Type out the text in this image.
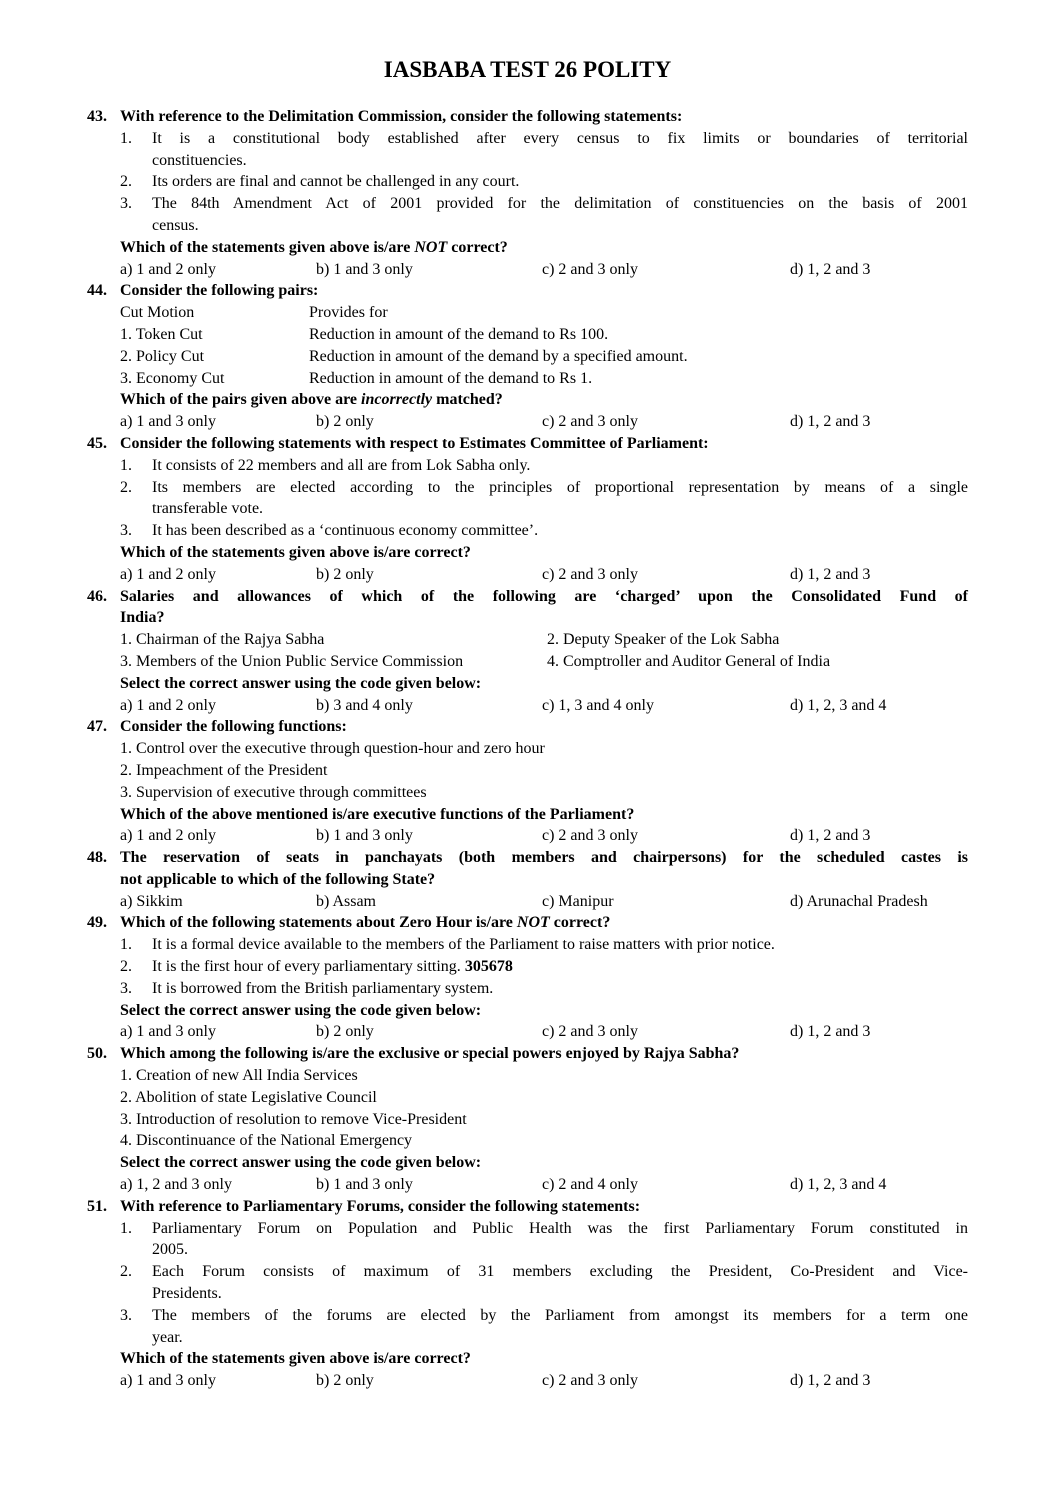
IASBABA TEST 26 POLITY
43. With reference to the Delimitation Commission, consider the following statements:
1.	It is a constitutional body established after every census to fix limits or boundaries of territorial
constituencies.
2.	Its orders are final and cannot be challenged in any court.
3.	The 84th Amendment Act of 2001 provided for the delimitation of constituencies on the basis of 2001
census.
Which of the statements given above is/are NOT correct?
a) 1 and 2 only	b) 1 and 3 only	c) 2 and 3 only	d) 1, 2 and 3
44. Consider the following pairs:
Cut Motion	Provides for
1. Token Cut	Reduction in amount of the demand to Rs 100.
2. Policy Cut	Reduction in amount of the demand by a specified amount.
3. Economy Cut	Reduction in amount of the demand to Rs 1.
Which of the pairs given above are incorrectly matched?
a) 1 and 3 only	b) 2 only	c) 2 and 3 only	d) 1, 2 and 3
45. Consider the following statements with respect to Estimates Committee of Parliament:
1.	It consists of 22 members and all are from Lok Sabha only.
2.	Its members are elected according to the principles of proportional representation by means of a single
transferable vote.
3.	It has been described as a ‘continuous economy committee’.
Which of the statements given above is/are correct?
a) 1 and 2 only	b) 2 only	c) 2 and 3 only	d) 1, 2 and 3
46. Salaries and allowances of which of the following are ‘charged’ upon the Consolidated Fund of
India?
1. Chairman of the Rajya Sabha	2. Deputy Speaker of the Lok Sabha
3. Members of the Union Public Service Commission	4. Comptroller and Auditor General of India
Select the correct answer using the code given below:
a) 1 and 2 only	b) 3 and 4 only	c) 1, 3 and 4 only	d) 1, 2, 3 and 4
47. Consider the following functions:
1. Control over the executive through question-hour and zero hour
2. Impeachment of the President
3. Supervision of executive through committees
Which of the above mentioned is/are executive functions of the Parliament?
a) 1 and 2 only	b) 1 and 3 only	c) 2 and 3 only	d) 1, 2 and 3
48. The reservation of seats in panchayats (both members and chairpersons) for the scheduled castes is
not applicable to which of the following State?
a) Sikkim	b) Assam	c) Manipur	d) Arunachal Pradesh
49. Which of the following statements about Zero Hour is/are NOT correct?
1.	It is a formal device available to the members of the Parliament to raise matters with prior notice.
2.	It is the first hour of every parliamentary sitting. 305678
3.	It is borrowed from the British parliamentary system.
Select the correct answer using the code given below:
a) 1 and 3 only	b) 2 only	c) 2 and 3 only	d) 1, 2 and 3
50. Which among the following is/are the exclusive or special powers enjoyed by Rajya Sabha?
1. Creation of new All India Services
2. Abolition of state Legislative Council
3. Introduction of resolution to remove Vice-President
4. Discontinuance of the National Emergency
Select the correct answer using the code given below:
a) 1, 2 and 3 only	b) 1 and 3 only	c) 2 and 4 only	d) 1, 2, 3 and 4
51. With reference to Parliamentary Forums, consider the following statements:
1.	Parliamentary Forum on Population and Public Health was the first Parliamentary Forum constituted in
2005.
2.	Each Forum consists of maximum of 31 members excluding the President, Co-President and Vice-
Presidents.
3.	The members of the forums are elected by the Parliament from amongst its members for a term one
year.
Which of the statements given above is/are correct?
a) 1 and 3 only	b) 2 only	c) 2 and 3 only	d) 1, 2 and 3
